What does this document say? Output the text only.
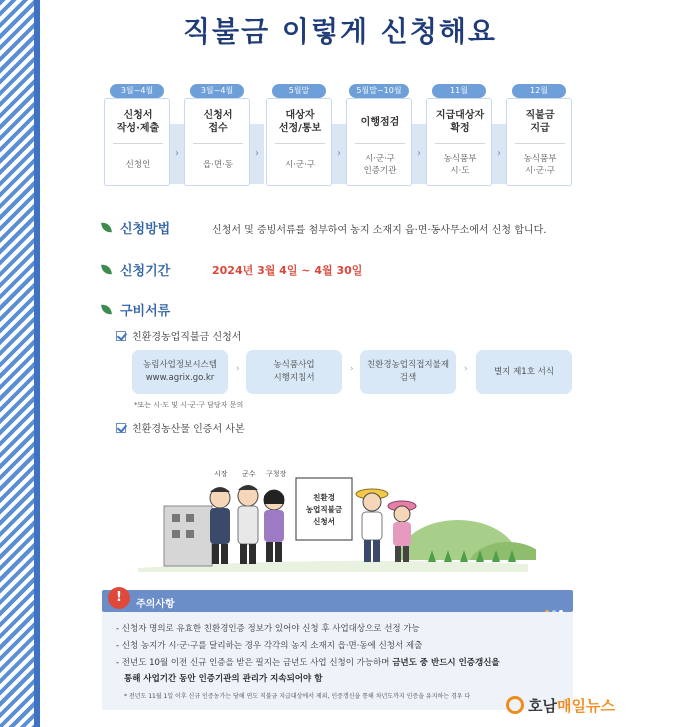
직불금 이렇게 신청해요
3월~4월
신청서
작성·제출
신청인
›
3월~4월
신청서
접수
읍·면·동
›
5월말
대상자
선정/통보
시·군·구
›
5월말~10월
이행점검
시·군·구
인증기관
›
11월
지급대상자
확정
농식품부
시·도
›
12월
직불금
지급
농식품부
시·군·구
신청방법	신청서 및 증빙서류를 첨부하여 농지 소재지 읍·면·동사무소에서 신청 합니다.
신청기간	2024년 3월 4일 ~ 4월 30일
구비서류
친환경농업직불금 신청서
농림사업정보시스템
www.agrix.go.kr
›	농식품사업
시행지침서
›	친환경농업직접지불제
검색
›	별지 제1호 서식
*또는 시·도 및 시·군·구 담당자 문의
친환경농산물 인증서 사본
시장 군수 구청장
친환경
농업직불금
신청서
!	주의사항
- 신청자 명의로 유효한 친환경인증 정보가 있어야 신청 후 사업대상으로 선정 가능
- 신청 농지가 시·군·구를 달리하는 경우 각각의 농지 소재지 읍·면·동에 신청서 제출
- 전년도 10월 이전 신규 인증을 받은 필지는 금년도 사업 신청이 가능하며 금년도 중 반드시 인증갱신을
통해 사업기간 동안 인증기관의 관리가 지속되어야 함
* 전년도 11월 1일 이후 신규 인증농가는 당해 연도 직불금 지급대상에서 제외, 인증갱신을 통해 차년도까지 인증을 유지하는 경우 다	호남 매일뉴스
